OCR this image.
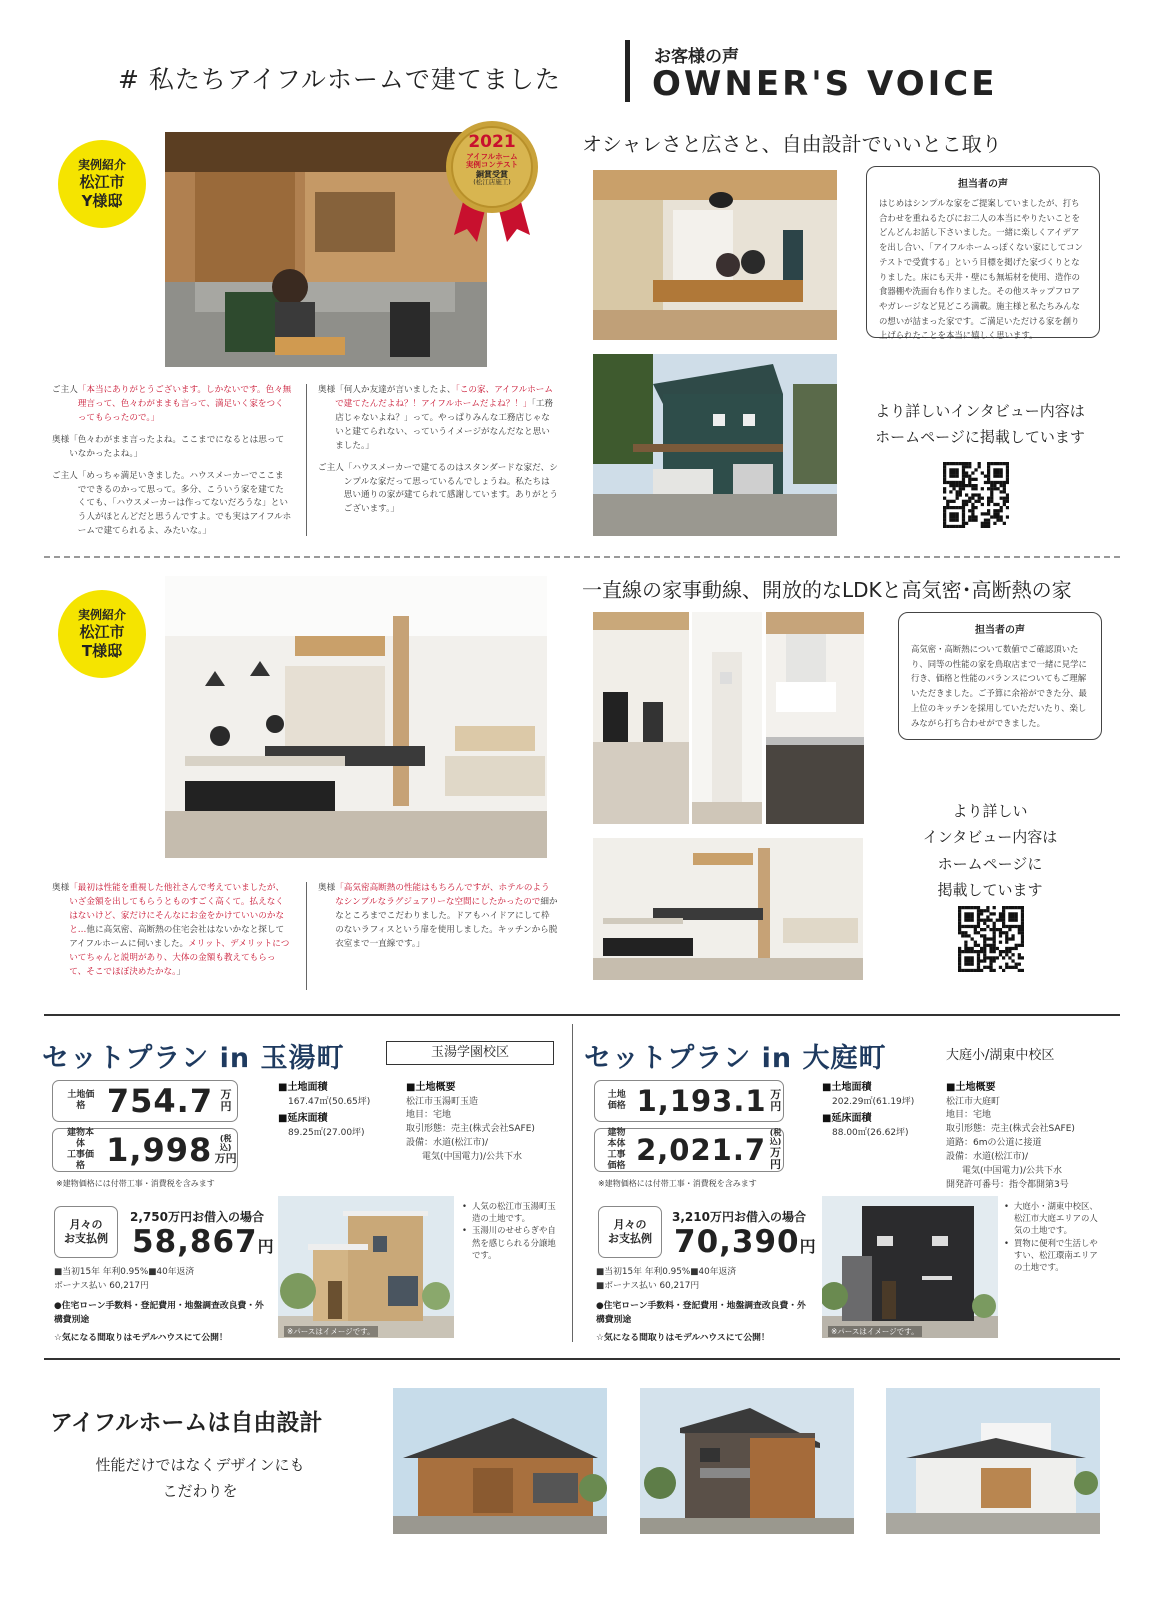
# 私たちアイフルホームで建てました
お客様の声
OWNER'S VOICE
実例紹介
松江市
Y様邸
2021
アイフルホーム
実例コンテスト
銅賞受賞
(松江店施工)
オシャレさと広さと、自由設計でいいとこ取り
担当者の声
はじめはシンプルな家をご提案していましたが、打ち合わせを重ねるたびにお二人の本当にやりたいことをどんどんお話し下さいました。一緒に楽しくアイデアを出し合い、「アイフルホームっぽくない家にしてコンテストで受賞する」という目標を掲げた家づくりとなりました。床にも天井・壁にも無垢材を使用、造作の食器棚や洗面台も作りました。その他スキップフロアやガレージなど見どころ満載。施主様と私たちみんなの想いが詰まった家です。ご満足いただける家を創り上げられたことを本当に嬉しく思います。
より詳しいインタビュー内容は
ホームページに掲載しています
ご主人 「本当にありがとうございます。しかないです。色々無理言って、色々わがままも言って、満足いく家をつくってもらったので。」
奥様 「色々わがまま言ったよね。ここまでになるとは思っていなかったよね。」
ご主人 「めっちゃ満足いきました。ハウスメーカーでここまでできるのかって思って。多分、こういう家を建てたくても、「ハウスメーカーは作ってないだろうな」という人がほとんどだと思うんですよ。でも実はアイフルホームで建てられるよ、みたいな。」
奥様 「何人か友達が言いましたよ、「この家、アイフルホームで建てたんだよね？！アイフルホームだよね？！」「工務店じゃないよね？」って。やっぱりみんな工務店じゃないと建てられない、っていうイメージがなんだなと思いました。」
ご主人 「ハウスメーカーで建てるのはスタンダードな家だ、シンプルな家だって思っているんでしょうね。私たちは思い通りの家が建てられて感謝しています。ありがとうございます。」
実例紹介
松江市
T様邸
一直線の家事動線、開放的なLDKと高気密･高断熱の家
担当者の声
高気密・高断熱について数値でご確認頂いたり、同等の性能の家を鳥取店まで一緒に見学に行き、価格と性能のバランスについてもご理解いただきました。ご予算に余裕ができた分、最上位のキッチンを採用していただいたり、楽しみながら打ち合わせができました。
より詳しい
インタビュー内容は
ホームページに
掲載しています
奥様 「最初は性能を重視した他社さんで考えていましたが、いざ金額を出してもらうとものすごく高くて。払えなくはないけど、家だけにそんなにお金をかけていいのかなと…他に高気密、高断熱の住宅会社はないかなと探してアイフルホームに伺いました。メリット、デメリットについてちゃんと説明があり、大体の金額も教えてもらって、そこでほぼ決めたかな。」
奥様 「高気密高断熱の性能はもちろんですが、ホテルのようなシンプルなラグジュアリーな空間にしたかったので細かなところまでこだわりました。ドアもハイドアにして枠のないラフィスという扉を使用しました。キッチンから脱衣室まで一直線です。」
セットプラン in 玉湯町	玉湯学園校区
土地価格 754.7 万円
建物本体
工事価格 1,998 (税込)
万円
※建物価格には付帯工事・消費税を含みます
■土地面積
167.47㎡(50.65坪)
■延床面積
89.25㎡(27.00坪)
■土地概要
松江市玉湯町玉造
地目：宅地
取引形態：売主(株式会社SAFE)
設備：水道(松江市)/
電気(中国電力)/公共下水
月々の
お支払例
2,750万円お借入の場合
58,867円
■当初15年 年利0.95%■40年返済
ボーナス払い 60,217円
●住宅ローン手数料・登記費用・地盤調査改良費・外構費別途
☆気になる間取りはモデルハウスにて公開！
※パースはイメージです。
• 人気の松江市玉湯町玉造の土地です。
• 玉湯川のせせらぎや自然を感じられる分譲地です。
セットプラン in 大庭町	大庭小/湖東中校区
土地価格 1,193.1 万円
建物本体
工事価格 2,021.7
(税込)
万円
※建物価格には付帯工事・消費税を含みます
■土地面積
202.29㎡(61.19坪)
■延床面積
88.00㎡(26.62坪)
■土地概要
松江市大庭町
地目：宅地
取引形態：売主(株式会社SAFE)
道路：6mの公道に接道
設備：水道(松江市)/
電気(中国電力)/公共下水
開発許可番号：指令都開第3号
月々の
お支払例
3,210万円お借入の場合
70,390円
■当初15年 年利0.95%■40年返済
■ボーナス払い 60,217円
●住宅ローン手数料・登記費用・地盤調査改良費・外構費別途
☆気になる間取りはモデルハウスにて公開！
※パースはイメージです。
• 大庭小・湖東中校区、松江市大庭エリアの人気の土地です。
• 買物に便利で生活しやすい、松江環南エリアの土地です。
アイフルホームは自由設計
性能だけではなくデザインにも
こだわりを
